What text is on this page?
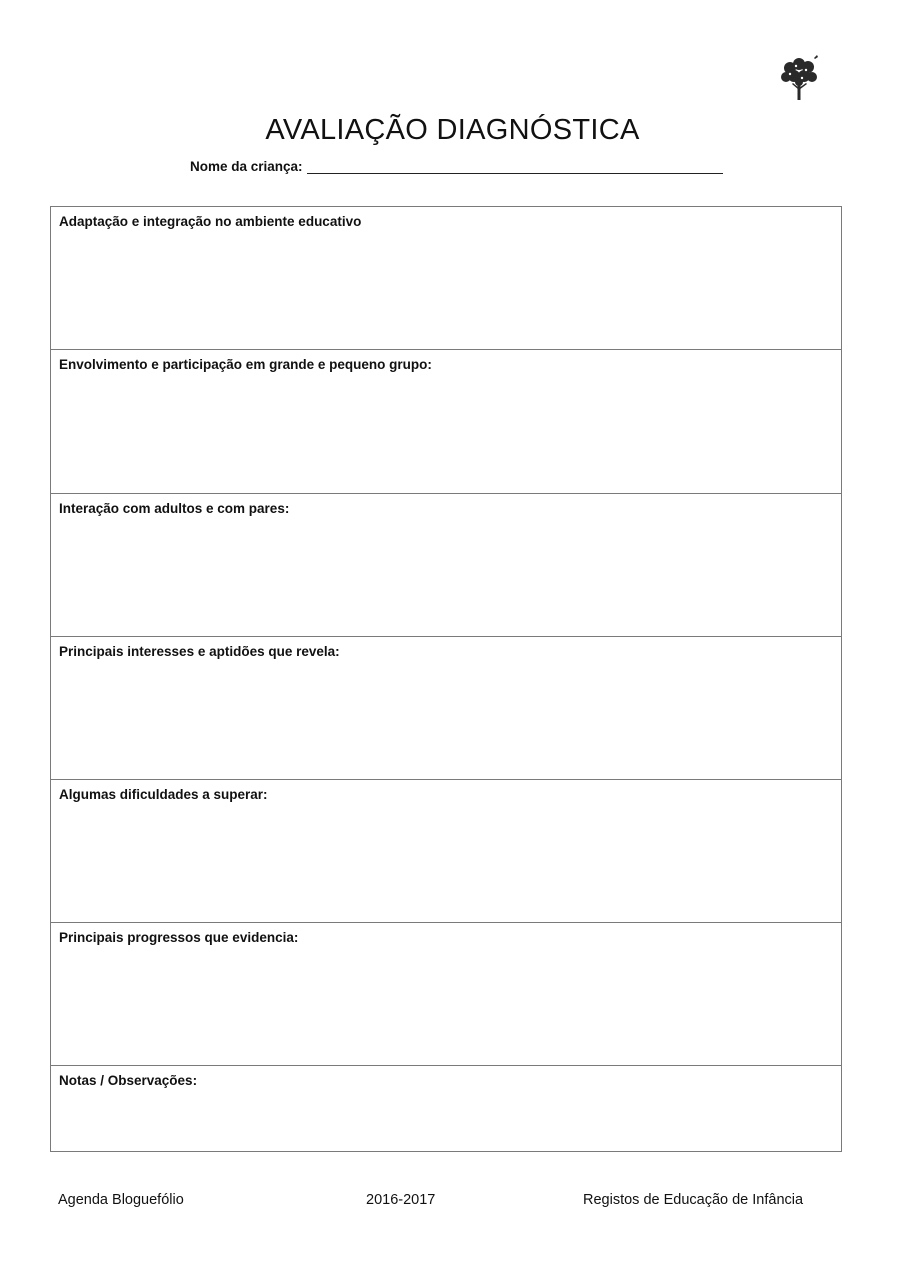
AVALIAÇÃO DIAGNÓSTICA
Nome da criança:
Adaptação e integração no ambiente educativo
Envolvimento e participação em grande e pequeno grupo:
Interação com adultos e com pares:
Principais interesses e aptidões que revela:
Algumas dificuldades a superar:
Principais progressos que evidencia:
Notas / Observações:
Agenda Bloguefólio	2016-2017	Registos de Educação de Infância
